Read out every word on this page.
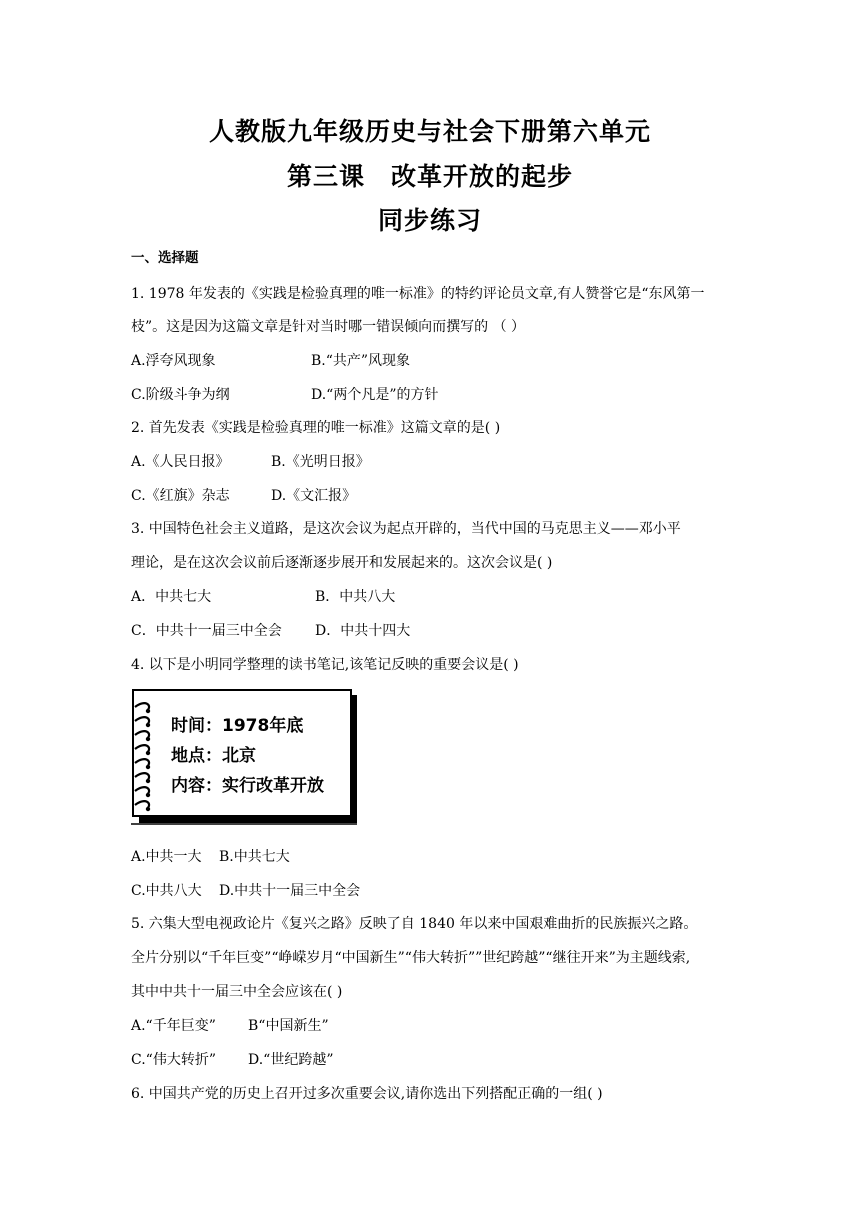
人教版九年级历史与社会下册第六单元
第三课　改革开放的起步
同步练习
一、选择题
1. 1978 年发表的《实践是检验真理的唯一标准》的特约评论员文章,有人赞誉它是“东风第一
枝”。这是因为这篇文章是针对当时哪一错误倾向而撰写的 （ ）
A.浮夸风现象	B.“共产”风现象
C.阶级斗争为纲	D.“两个凡是”的方针
2. 首先发表《实践是检验真理的唯一标准》这篇文章的是( )
A.《人民日报》	B.《光明日报》
C.《红旗》杂志	D.《文汇报》
3. 中国特色社会主义道路，是这次会议为起点开辟的，当代中国的马克思主义——邓小平
理论，是在这次会议前后逐渐逐步展开和发展起来的。这次会议是( )
A．中共七大	B．中共八大
C．中共十一届三中全会 D．中共十四大
4. 以下是小明同学整理的读书笔记,该笔记反映的重要会议是( )
时间：1978年底
地点：北京
内容：实行改革开放
A.中共一大 B.中共七大
C.中共八大 D.中共十一届三中全会
5. 六集大型电视政论片《复兴之路》反映了自 1840 年以来中国艰难曲折的民族振兴之路。
全片分别以“千年巨变”“峥嵘岁月“中国新生”“伟大转折””世纪跨越”“继往开来”为主题线索,
其中中共十一届三中全会应该在( )
A.“千年巨变” B“中国新生”
C.“伟大转折” D.“世纪跨越”
6. 中国共产党的历史上召开过多次重要会议,请你选出下列搭配正确的一组( )
